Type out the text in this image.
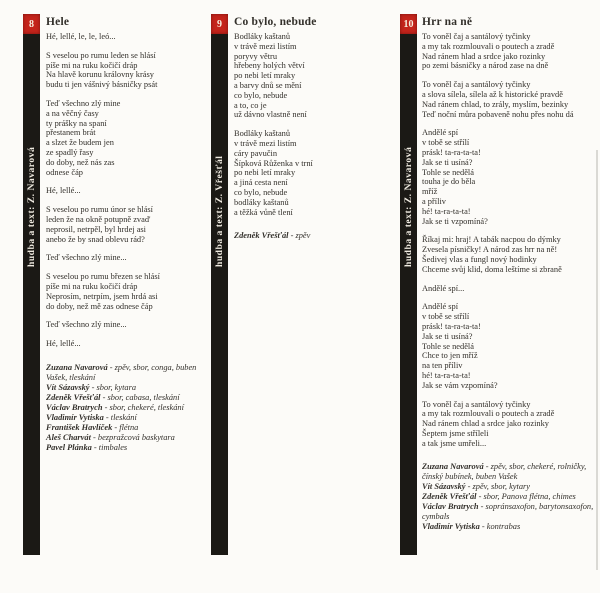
8
hudba a text: Z. Navarová
9
hudba a text: Z. Vřešťál
10
hudba a text: Z. Navarová
Hele
Hé, lellé, le, le, leó...
S veselou po rumu leden se hlásí
píše mi na ruku kočičí dráp
Na hlavě korunu královny krásy
budu ti jen vášnivý básničky psát
Teď všechno zlý mine
a na věčný časy
ty prášky na spaní
přestanem brát
a slzet že budem jen
ze spadlý řasy
do doby, než nás zas
odnese čáp
Hé, lellé...
S veselou po rumu únor se hlásí
leden že na okně potupně zvad'
neprosil, netrpěl, byl hrdej asi
anebo že by snad oblevu rád?
Teď všechno zlý mine...
S veselou po rumu březen se hlásí
píše mi na ruku kočičí dráp
Neprosím, netrpím, jsem hrdá asi
do doby, než mě zas odnese čáp
Teď všechno zlý mine...
Hé, lellé...
Zuzana Navarová - zpěv, sbor, conga, buben Vašek, tleskání
Vít Sázavský - sbor, kytara
Zdeněk Vřešťál - sbor, cabasa, tleskání
Václav Bratrych - sbor, chekeré, tleskání
Vladimír Vytiska - tleskání
František Havlíček - flétna
Aleš Charvát - bezpražcová baskytara
Pavel Plánka - timbales
Co bylo, nebude
Bodláky kaštanů
v trávě mezi listím
poryvy větru
hřebeny holých větví
po nebi letí mraky
a barvy dnů se mění
co bylo, nebude
a to, co je
už dávno vlastně není
Bodláky kaštanů
v trávě mezi listím
cáry pavučin
Šípková Růženka v trní
po nebi letí mraky
a jiná cesta není
co bylo, nebude
bodláky kaštanů
a těžká vůně tlení
Zdeněk Vřešťál - zpěv
Hrr na ně
To voněl čaj a santálový tyčinky
a my tak rozmlouvali o poutech a zradě
Nad ránem hlad a srdce jako rozinky
po zemi básničky a národ zase na dně
To voněl čaj a santálový tyčinky
a slova sílela, sílela až k historické pravdě
Nad ránem chlad, to zrály, myslím, bezinky
Teď noční můra pobaveně nohu přes nohu dá
Andělé spí
v tobě se střílí
prásk! ta-ra-ta-ta!
Jak se ti usíná?
Tohle se nedělá
touha je do běla
mříž
a příliv
hé! ta-ra-ta-ta!
Jak se ti vzpomíná?
Říkaj mi: hraj! A tabák nacpou do dýmky
Zvesela písničky! A národ zas hrr na ně!
Šedivej vlas a fungl nový hodinky
Chceme svůj klid, doma leštíme si zbraně
Andělé spí...
Andělé spí
v tobě se střílí
prásk! ta-ra-ta-ta!
Jak se ti usíná?
Tohle se nedělá
Chce to jen mříž
na ten příliv
hé! ta-ra-ta-ta!
Jak se vám vzpomíná?
To voněl čaj a santálový tyčinky
a my tak rozmlouvali o poutech a zradě
Nad ránem chlad a srdce jako rozinky
Šeptem jsme stříleli
a tak jsme umřeli...
Zuzana Navarová - zpěv, sbor, chekeré, rolničky, čínský bubínek, buben Vašek
Vít Sázavský - zpěv, sbor, kytary
Zdeněk Vřešťál - sbor, Panova flétna, chimes
Václav Bratrych - sopránsaxofon, barytonsaxofon, cymbals
Vladimír Vytiska - kontrabas
